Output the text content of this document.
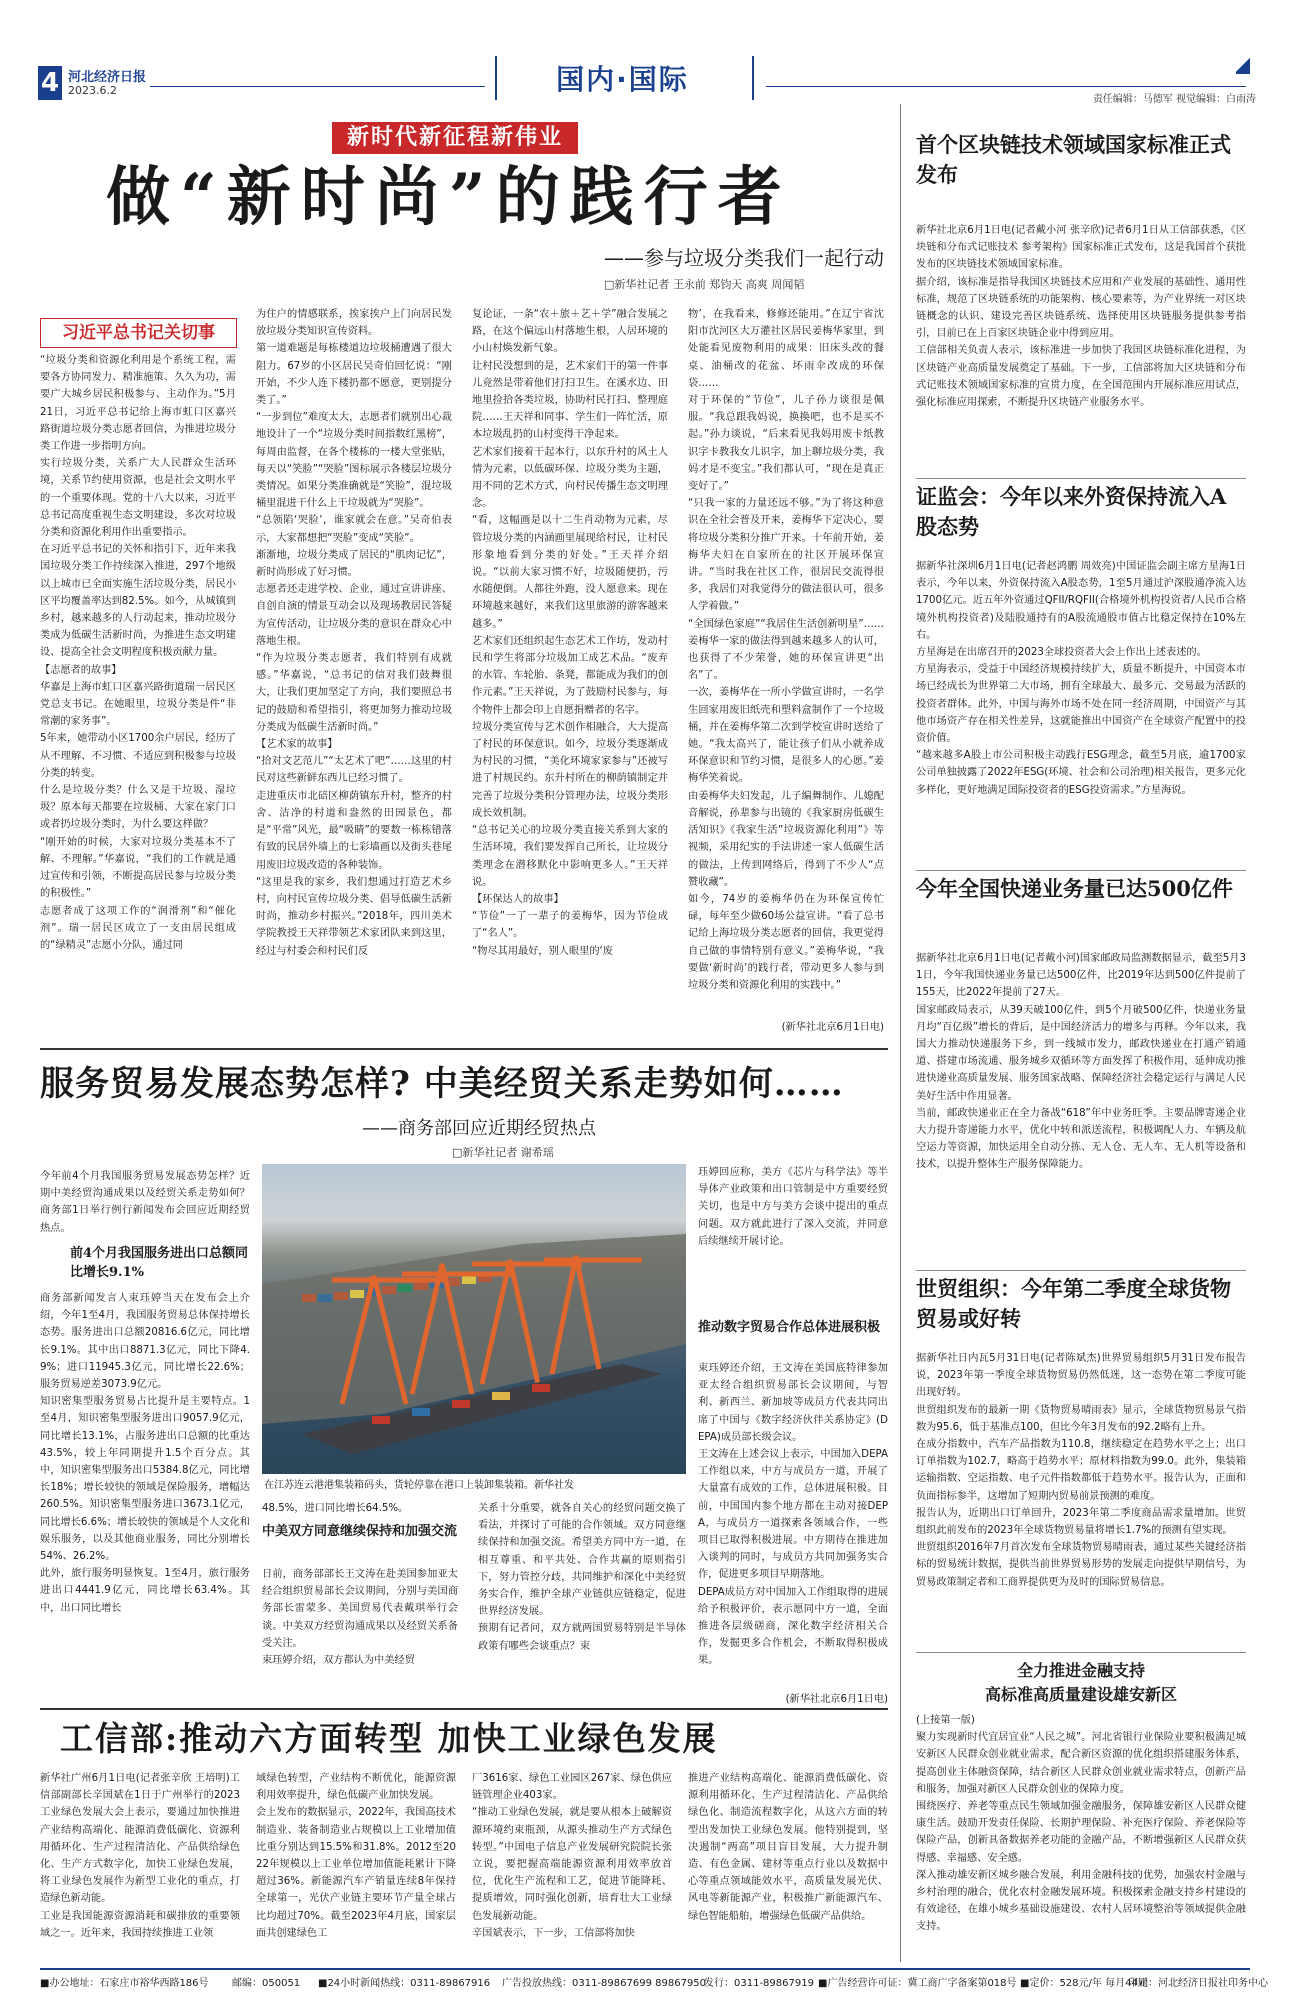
4 河北经济日报
2023.6.2	国内·国际
责任编辑：马德军 视觉编辑：白雨涛
新时代新征程新伟业
做“新时尚”的践行者
——参与垃圾分类我们一起行动
□新华社记者 王永前 郑钧天 高爽 周闻韬
习近平总书记关切事
“垃圾分类和资源化利用是个系统工程，需要各方协同发力、精准施策、久久为功，需要广大城乡居民积极参与、主动作为。”5月21日，习近平总书记给上海市虹口区嘉兴路街道垃圾分类志愿者回信，为推进垃圾分类工作进一步指明方向。
实行垃圾分类，关系广大人民群众生活环境，关系节约使用资源，也是社会文明水平的一个重要体现。党的十八大以来，习近平总书记高度重视生态文明建设，多次对垃圾分类和资源化利用作出重要指示。
在习近平总书记的关怀和指引下，近年来我国垃圾分类工作持续深入推进，297个地级以上城市已全面实施生活垃圾分类，居民小区平均覆盖率达到82.5%。如今，从城镇到乡村，越来越多的人行动起来，推动垃圾分类成为低碳生活新时尚，为推进生态文明建设、提高全社会文明程度积极贡献力量。
【志愿者的故事】
华嘉是上海市虹口区嘉兴路街道瑞一居民区党总支书记。在她眼里，垃圾分类是件“非常潮的家务事”。
5年来，她带动小区1700余户居民，经历了从不理解、不习惯、不适应到积极参与垃圾分类的转变。
什么是垃圾分类？什么又是干垃圾、湿垃圾？原本每天都要在垃圾桶、大家在家门口或者扔垃圾分类时，为什么要这样做？
“刚开始的时候，大家对垃圾分类基本不了解、不理解。”华嘉说，“我们的工作就是通过宣传和引领，不断提高居民参与垃圾分类的积极性。”
志愿者成了这项工作的“润滑剂”和“催化剂”。瑞一居民区成立了一支由居民组成的“绿精灵”志愿小分队，通过同
为住户的情感联系，挨家挨户上门向居民发放垃圾分类知识宣传资料。
第一道难题是每栋楼道边垃圾桶遭遇了很大阻力。67岁的小区居民吴奇伯回忆说：“刚开始，不少人连下楼扔都不愿意，更别提分类了。”
“一步到位”难度太大，志愿者们就别出心裁地设计了一个“垃圾分类时间指数红黑榜”，每周由监督，在各个楼栋的一楼大堂张贴，每天以“笑脸”“哭脸”图标展示各楼层垃圾分类情况。如果分类准确就是“笑脸”，混垃圾桶里混进干什么上干垃圾就为“哭脸”。
“总领陷‘哭脸’，谁家就会在意。”吴奇伯表示，大家都想把“哭脸”变成“笑脸”。
渐渐地，垃圾分类成了居民的“肌肉记忆”，新时尚形成了好习惯。
志愿者还走进学校、企业，通过宣讲讲座、自创自演的情景互动会以及现场教居民答疑为宣传活动，让垃圾分类的意识在群众心中落地生根。
“作为垃圾分类志愿者，我们特别有成就感。”华嘉说，“总书记的信对我们鼓舞很大，让我们更加坚定了方向，我们要照总书记的鼓励和希望指引，将更加努力推动垃圾分类成为低碳生活新时尚。”
【艺术家的故事】
“拾对文艺范儿”“太艺术了吧”……这里的村民对这些新鲜东西儿已经习惯了。
走进重庆市北碚区柳荫镇东升村，整齐的村舍、洁净的村道和盎然的田园景色，都是“平常”风光，最“吸睛”的要数一栋栋错落有致的民居外墙上的七彩墙画以及街头巷尾用废旧垃圾改造的各种装饰。
“这里是我的家乡，我们想通过打造艺术乡村，向村民宣传垃圾分类、倡导低碳生活新时尚，推动乡村振兴。”2018年，四川美术学院教授王天祥带领艺术家团队来到这里，经过与村委会和村民们反
复论证，一条“农＋旅＋艺＋学”融合发展之路，在这个偏远山村落地生根，人居环境的小山村焕发新气象。
让村民没想到的是，艺术家们干的第一件事儿竟然是带着他们打扫卫生。在溪水边、田地里捡拾各类垃圾，协助村民打扫、整理庭院……王天祥和同事、学生们一阵忙活，原本垃圾乱扔的山村变得干净起来。
艺术家们接着干起本行，以东升村的风土人情为元素，以低碳环保、垃圾分类为主题，用不同的艺术方式，向村民传播生态文明理念。
“看，这幅画是以十二生肖动物为元素，尽管垃圾分类的内涵画里展现给村民，让村民形象地看到分类的好处。”王天祥介绍说。“以前大家习惯不好，垃圾随便扔，污水随便倒。人都往外跑，没人愿意来。现在环境越来越好，来我们这里旅游的游客越来越多。”
艺术家们还组织起生态艺术工作坊，发动村民和学生将部分垃圾加工成艺术品。“废弃的水管、车轮胎、条凳，都能成为我们的创作元素。”王天祥说，为了鼓励村民参与，每个物件上都会印上自愿捐赠者的名字。
垃圾分类宣传与艺术创作相融合，大大提高了村民的环保意识。如今，垃圾分类逐渐成为村民的习惯，“美化环境家家参与”还被写进了村规民约。东升村所在的柳荫镇制定并完善了垃圾分类积分管理办法，垃圾分类形成长效机制。
“总书记关心的垃圾分类直接关系到大家的生活环境，我们要发挥自己所长，让垃圾分类理念在潜移默化中影响更多人。”王天祥说。
【环保达人的故事】
“节俭”一了一辈子的姜梅华，因为节俭成了“名人”。
“物尽其用最好，别人眼里的‘废
物’，在我看来，修修还能用。”在辽宁省沈阳市沈河区大万灌社区居民姜梅华家里，到处能看见废物利用的成果：旧床头改的餐桌、油桶改的花盆、坏雨伞改成的环保袋……
对于环保的“节俭”，儿子孙力谈很是佩服。“我总跟我妈说，换换吧，也不是买不起。”孙力谈说，“后来看见我妈用废卡纸教识字卡教我女儿识字，加上聊垃圾分类，我妈才是不变宝。”我们都认可，“现在是真正变好了。”
“只我一家的力量还远不够。”为了将这种意识在全社会普及开来，姜梅华下定决心，要将垃圾分类积分推广开来。十年前开始，姜梅华夫妇在自家所在的社区开展环保宣讲。“当时我在社区工作，很居民交流得很多，我居们对我觉得分的做法很认可，很多人学着做。”
“全国绿色家庭”“我居住生活创新明星”……姜梅华一家的做法得到越来越多人的认可，也获得了不少荣誉，她的环保宣讲更“出名”了。
一次，姜梅华在一所小学做宣讲时，一名学生回家用废旧纸壳和塑料盒制作了一个垃圾桶，并在姜梅华第二次到学校宣讲时送给了她。“我太高兴了，能让孩子们从小就养成环保意识和节约习惯，是很多人的心愿。”姜梅华笑着说。
由姜梅华夫妇发起，儿子编舞制作、儿媳配音解说，孙辈参与出镜的《我家厨房低碳生活知识》《我家生活”垃圾资源化利用”》等视频，采用纪实的手法讲述一家人低碳生活的做法，上传到网络后，得到了不少人“点赞收藏”。
如今，74岁的姜梅华仍在为环保宣传忙碌，每年至少做60场公益宣讲。“看了总书记给上海垃圾分类志愿者的回信，我更觉得自己做的事情特别有意义。”姜梅华说，“我要做‘新时尚’的践行者，带动更多人参与到垃圾分类和资源化利用的实践中。”
(新华社北京6月1日电)
服务贸易发展态势怎样? 中美经贸关系走势如何……
——商务部回应近期经贸热点
□新华社记者 谢希瑶
今年前4个月我国服务贸易发展态势怎样？近期中美经贸沟通成果以及经贸关系走势如何？商务部1日举行例行新闻发布会回应近期经贸热点。
前4个月我国服务进出口总额同比增长9.1%
商务部新闻发言人束珏婷当天在发布会上介绍，今年1至4月，我国服务贸易总体保持增长态势。服务进出口总额20816.6亿元，同比增长9.1%。其中出口8871.3亿元，同比下降4.9%；进口11945.3亿元，同比增长22.6%；服务贸易逆差3073.9亿元。
知识密集型服务贸易占比提升是主要特点。1至4月，知识密集型服务进出口9057.9亿元，同比增长13.1%，占服务进出口总额的比重达43.5%，较上年同期提升1.5个百分点。其中，知识密集型服务出口5384.8亿元，同比增长18%；增长较快的领域是保险服务，增幅达260.5%。知识密集型服务进口3673.1亿元，同比增长6.6%；增长较快的领域是个人文化和娱乐服务，以及其他商业服务，同比分别增长54%、26.2%。
此外，旅行服务明显恢复。1至4月，旅行服务进出口4441.9亿元，同比增长63.4%。其中，出口同比增长
在江苏连云港港集装箱码头，货轮停靠在港口上装卸集装箱。新华社发
48.5%，进口同比增长64.5%。
中美双方同意继续保持和加强交流
日前，商务部部长王文涛在赴美国参加亚太经合组织贸易部长会议期间，分别与美国商务部长雷蒙多、美国贸易代表戴琪举行会谈。中美双方经贸沟通成果以及经贸关系备受关注。
束珏婷介绍，双方都认为中美经贸
关系十分重要，就各自关心的经贸问题交换了看法，并探讨了可能的合作领域。双方同意继续保持和加强交流。希望美方同中方一道，在相互尊重、和平共处、合作共赢的原则指引下，努力管控分歧，共同维护和深化中美经贸务实合作，维护全球产业链供应链稳定，促进世界经济发展。
预期有记者问，双方就两国贸易特别是半导体政策有哪些会谈重点？束
珏婷回应称，美方《芯片与科学法》等半导体产业政策和出口管制是中方重要经贸关切，也是中方与美方会谈中提出的重点问题。双方就此进行了深入交流，并同意后续继续开展讨论。
推动数字贸易合作总体进展积极
束珏婷还介绍，王文涛在美国底特律参加亚太经合组织贸易部长会议期间，与智利、新西兰、新加坡等成员方代表共同出席了中国与《数字经济伙伴关系协定》(DEPA)成员部长级会议。
王文涛在上述会议上表示，中国加入DEPA工作组以来，中方与成员方一道，开展了大量富有成效的工作，总体进展积极。目前，中国国内参个地方都在主动对接DEPA，与成员方一道探索各领域合作，一些项目已取得积极进展。中方期待在推进加入谈判的同时，与成员方共同加强务实合作，促进更多项目早期落地。
DEPA成员方对中国加入工作组取得的进展给予积极评价，表示愿同中方一道，全面推进各层级磋商，深化数字经济相关合作，发掘更多合作机会，不断取得积极成果。
(新华社北京6月1日电)
工信部:推动六方面转型 加快工业绿色发展
新华社广州6月1日电(记者张辛欣 王培明)工信部副部长辛国斌在1日于广州举行的2023工业绿色发展大会上表示，要通过加快推进产业结构高端化、能源消费低碳化、资源利用循环化、生产过程清洁化、产品供给绿色化、生产方式数字化，加快工业绿色发展，将工业绿色发展作为新型工业化的重点，打造绿色新动能。
工业是我国能源资源消耗和碳排放的重要领域之一。近年来，我国持续推进工业领
域绿色转型，产业结构不断优化，能源资源利用效率提升，绿色低碳产业加快发展。
会上发布的数据显示，2022年，我国高技术制造业、装备制造业占规模以上工业增加值比重分别达到15.5%和31.8%。2012至2022年规模以上工业单位增加值能耗累计下降超过36%。新能源汽车产销量连续8年保持全球第一，光伏产业链主要环节产量全球占比均超过70%。截至2023年4月底，国家层面共创建绿色工
厂3616家、绿色工业园区267家、绿色供应链管理企业403家。
“推动工业绿色发展，就是要从根本上破解资源环境约束瓶颈，从源头推动生产方式绿色转型。”中国电子信息产业发展研究院院长张立说，要把握高端能源资源利用效率放首位，优化生产流程和工艺，促进节能降耗、提质增效，同时强化创新，培育壮大工业绿色发展新动能。
辛国斌表示，下一步，工信部将加快
推进产业结构高端化、能源消费低碳化、资源利用循环化、生产过程清洁化、产品供给绿色化、制造流程数字化，从这六方面的转型出发加快工业绿色发展。他特别提到，坚决遏制“两高”项目盲目发展，大力提升制造、有色金属、建材等重点行业以及数据中心等重点领域能效水平，高质量发展光伏、风电等新能源产业，积极推广新能源汽车、绿色智能船舶，增强绿色低碳产品供给。
首个区块链技术领域国家标准正式发布
新华社北京6月1日电(记者戴小河 张辛欣)记者6月1日从工信部获悉，《区块链和分布式记账技术 参考架构》国家标准正式发布，这是我国首个获批发布的区块链技术领域国家标准。
据介绍，该标准是指导我国区块链技术应用和产业发展的基础性、通用性标准，规范了区块链系统的功能架构、核心要素等，为产业界统一对区块链概念的认识、建设完善区块链系统、选择使用区块链服务提供参考指引，目前已在上百家区块链企业中得到应用。
工信部相关负责人表示，该标准进一步加快了我国区块链标准化进程，为区块链产业高质量发展奠定了基础。下一步，工信部将加大区块链和分布式记账技术领域国家标准的宣贯力度，在全国范围内开展标准应用试点，强化标准应用探索，不断提升区块链产业服务水平。
证监会：今年以来外资保持流入A股态势
据新华社深圳6月1日电(记者赵鸿鹏 周效亮)中国证监会副主席方星海1日表示，今年以来，外资保持流入A股态势，1至5月通过沪深股通净流入达1700亿元。近五年外资通过QFII/RQFII(合格境外机构投资者/人民币合格境外机构投资者)及陆股通持有的A股流通股市值占比稳定保持在10%左右。
方星海是在出席召开的2023全球投资者大会上作出上述表述的。
方星海表示，受益于中国经济规模持续扩大，质量不断提升，中国资本市场已经成长为世界第二大市场，拥有全球最大、最多元、交易最为活跃的投资者群体。此外，中国与海外市场不处在同一经济周期，中国资产与其他市场资产存在相关性差异，这就能推出中国资产在全球资产配置中的投资价值。
“越来越多A股上市公司积极主动践行ESG理念，截至5月底，逾1700家公司单独披露了2022年ESG(环境、社会和公司治理)相关报告，更多元化多样化，更好地满足国际投资者的ESG投资需求。”方星海说。
今年全国快递业务量已达500亿件
据新华社北京6月1日电(记者戴小河)国家邮政局监测数据显示，截至5月31日，今年我国快递业务量已达500亿件，比2019年达到500亿件提前了155天，比2022年提前了27天。
国家邮政局表示，从39天破100亿件，到5个月破500亿件，快递业务量月均“百亿级”增长的背后，是中国经济活力的增多与再释。今年以来，我国大力推动快递服务下乡，到一线城市发力，邮政快递业在打通产销通道、搭建市场流通、服务城乡双循环等方面发挥了积极作用，延伸成功推进快递业高质量发展、服务国家战略、保障经济社会稳定运行与满足人民美好生活中作用显著。
当前，邮政快递业正在全力备战“618”年中业务旺季。主要品牌寄递企业大力提升寄递能力水平，优化中转和派送流程，积极调配人力、车辆及航空运力等资源，加快运用全自动分拣、无人仓、无人车、无人机等设备和技术，以提升整体生产服务保障能力。
世贸组织：今年第二季度全球货物贸易或好转
据新华社日内瓦5月31日电(记者陈斌杰)世界贸易组织5月31日发布报告说，2023年第一季度全球货物贸易仍然低迷，这一态势在第二季度可能出现好转。
世贸组织发布的最新一期《货物贸易晴雨表》显示，全球货物贸易景气指数为95.6，低于基准点100，但比今年3月发布的92.2略有上升。
在成分指数中，汽车产品指数为110.8，继续稳定在趋势水平之上；出口订单指数为102.7，略高于趋势水平；原材料指数为99.0。此外，集装箱运输指数、空运指数、电子元件指数都低于趋势水平。报告认为，正面和负面指标参半，这增加了短期内贸易前景预测的难度。
报告认为，近期出口订单回升，2023年第二季度商品需求量增加。世贸组织此前发布的2023年全球货物贸易量将增长1.7%的预测有望实现。
世贸组织2016年7月首次发布全球货物贸易晴雨表，通过某些关键经济指标的贸易统计数据，提供当前世界贸易形势的发展走向提供早期信号，为贸易政策制定者和工商界提供更为及时的国际贸易信息。
全力推进金融支持
高标准高质量建设雄安新区
(上接第一版)
聚力实现新时代宜居宜业“人民之城”。河北省银行业保险业要积极满足城安新区人民群众创业就业需求，配合新区资源的优化组织搭建服务体系，提高创业主体融资保障，结合新区人民群众创业就业需求特点，创新产品和服务，加强对新区人民群众创业的保障力度。
围绕医疗、养老等重点民生领域加强金融服务，保障雄安新区人民群众健康生活。鼓励开发责任保险、长期护理保险、补充医疗保险、养老保险等保险产品，创新具备数据养老功能的金融产品，不断增强新区人民群众获得感、幸福感、安全感。
深入推动雄安新区城乡融合发展，利用金融科技的优势，加强农村金融与乡村治理的融合，优化农村金融发展环境。积极探索金融支持乡村建设的有效途径，在雄小城乡基础设施建设、农村人居环境整治等领域提供金融支持。
■办公地址：石家庄市裕华西路186号 邮编：050051 ■24小时新闻热线：0311-89867916 广告投放热线：0311-89867699 89867950
发行：0311-89867919 ■广告经营许可证：冀工商广字备案第018号 ■定价：528元/年 每月44元
印刷：河北经济日报社印务中心
